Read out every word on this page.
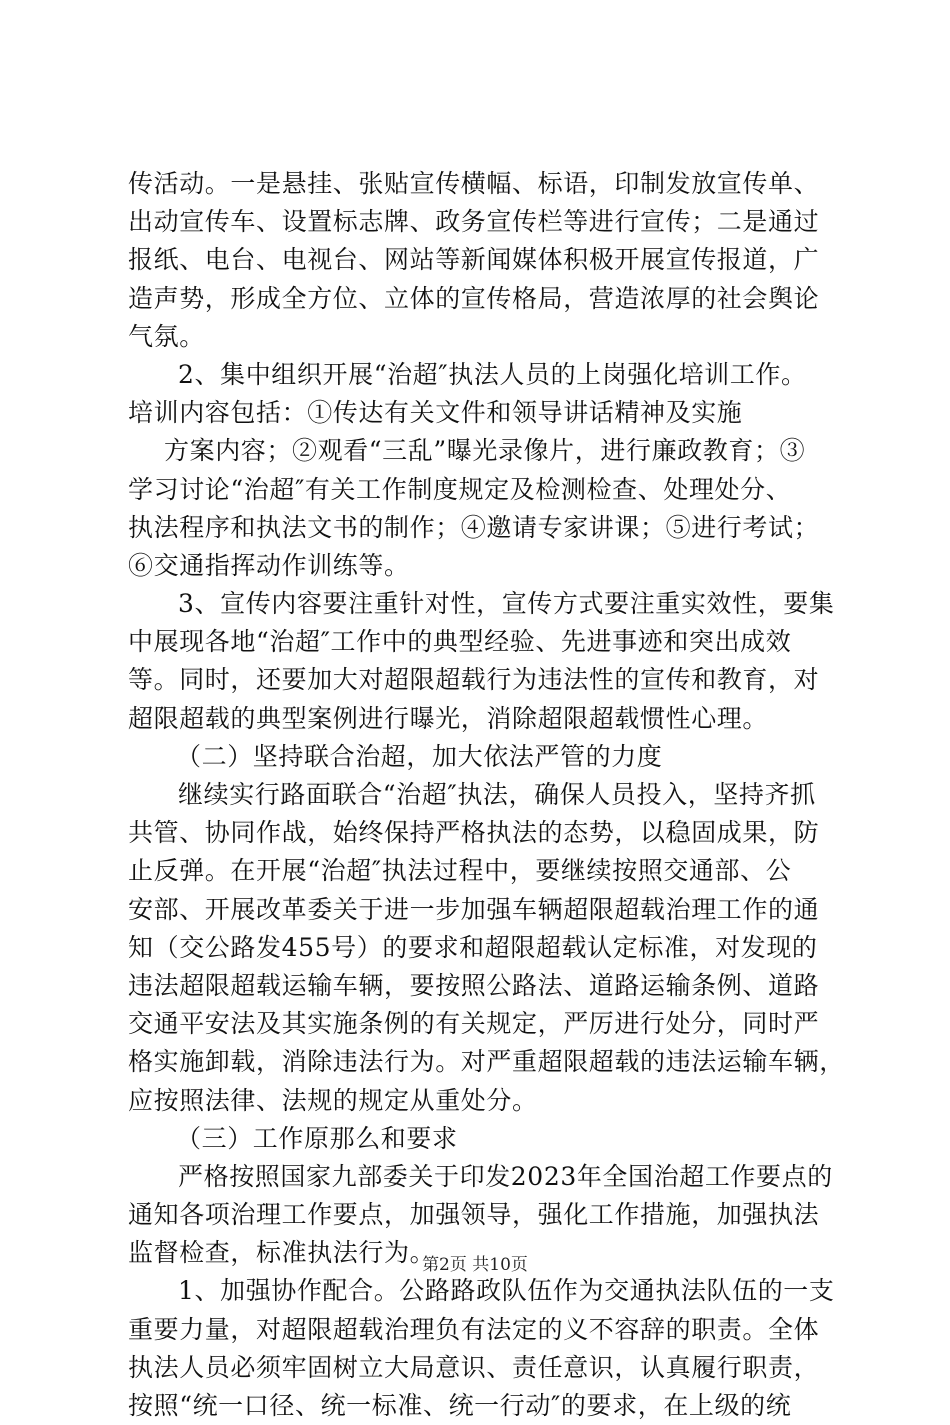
传活动。一是悬挂、张贴宣传横幅、标语，印制发放宣传单、
出动宣传车、设置标志牌、政务宣传栏等进行宣传；二是通过
报纸、电台、电视台、网站等新闻媒体积极开展宣传报道，广
造声势，形成全方位、立体的宣传格局，营造浓厚的社会舆论
气氛。
2、集中组织开展“治超″执法人员的上岗强化培训工作。
培训内容包括：①传达有关文件和领导讲话精神及实施
方案内容；②观看“三乱”曝光录像片，进行廉政教育；③
学习讨论“治超″有关工作制度规定及检测检查、处理处分、
执法程序和执法文书的制作；④邀请专家讲课；⑤进行考试；
⑥交通指挥动作训练等。
3、宣传内容要注重针对性，宣传方式要注重实效性，要集
中展现各地“治超″工作中的典型经验、先进事迹和突出成效
等。同时，还要加大对超限超载行为违法性的宣传和教育，对
超限超载的典型案例进行曝光，消除超限超载惯性心理。
（二）坚持联合治超，加大依法严管的力度
继续实行路面联合“治超″执法，确保人员投入，坚持齐抓
共管、协同作战，始终保持严格执法的态势，以稳固成果，防
止反弹。在开展“治超″执法过程中，要继续按照交通部、公
安部、开展改革委关于进一步加强车辆超限超载治理工作的通
知（交公路发455号）的要求和超限超载认定标准，对发现的
违法超限超载运输车辆，要按照公路法、道路运输条例、道路
交通平安法及其实施条例的有关规定，严厉进行处分，同时严
格实施卸载，消除违法行为。对严重超限超载的违法运输车辆，
应按照法律、法规的规定从重处分。
（三）工作原那么和要求
严格按照国家九部委关于印发2023年全国治超工作要点的
通知各项治理工作要点，加强领导，强化工作措施，加强执法
监督检查，标准执法行为。
1、加强协作配合。公路路政队伍作为交通执法队伍的一支
重要力量，对超限超载治理负有法定的义不容辞的职责。全体
执法人员必须牢固树立大局意识、责任意识，认真履行职责，
按照“统一口径、统一标准、统一行动″的要求，在上级的统
第2页 共10页
